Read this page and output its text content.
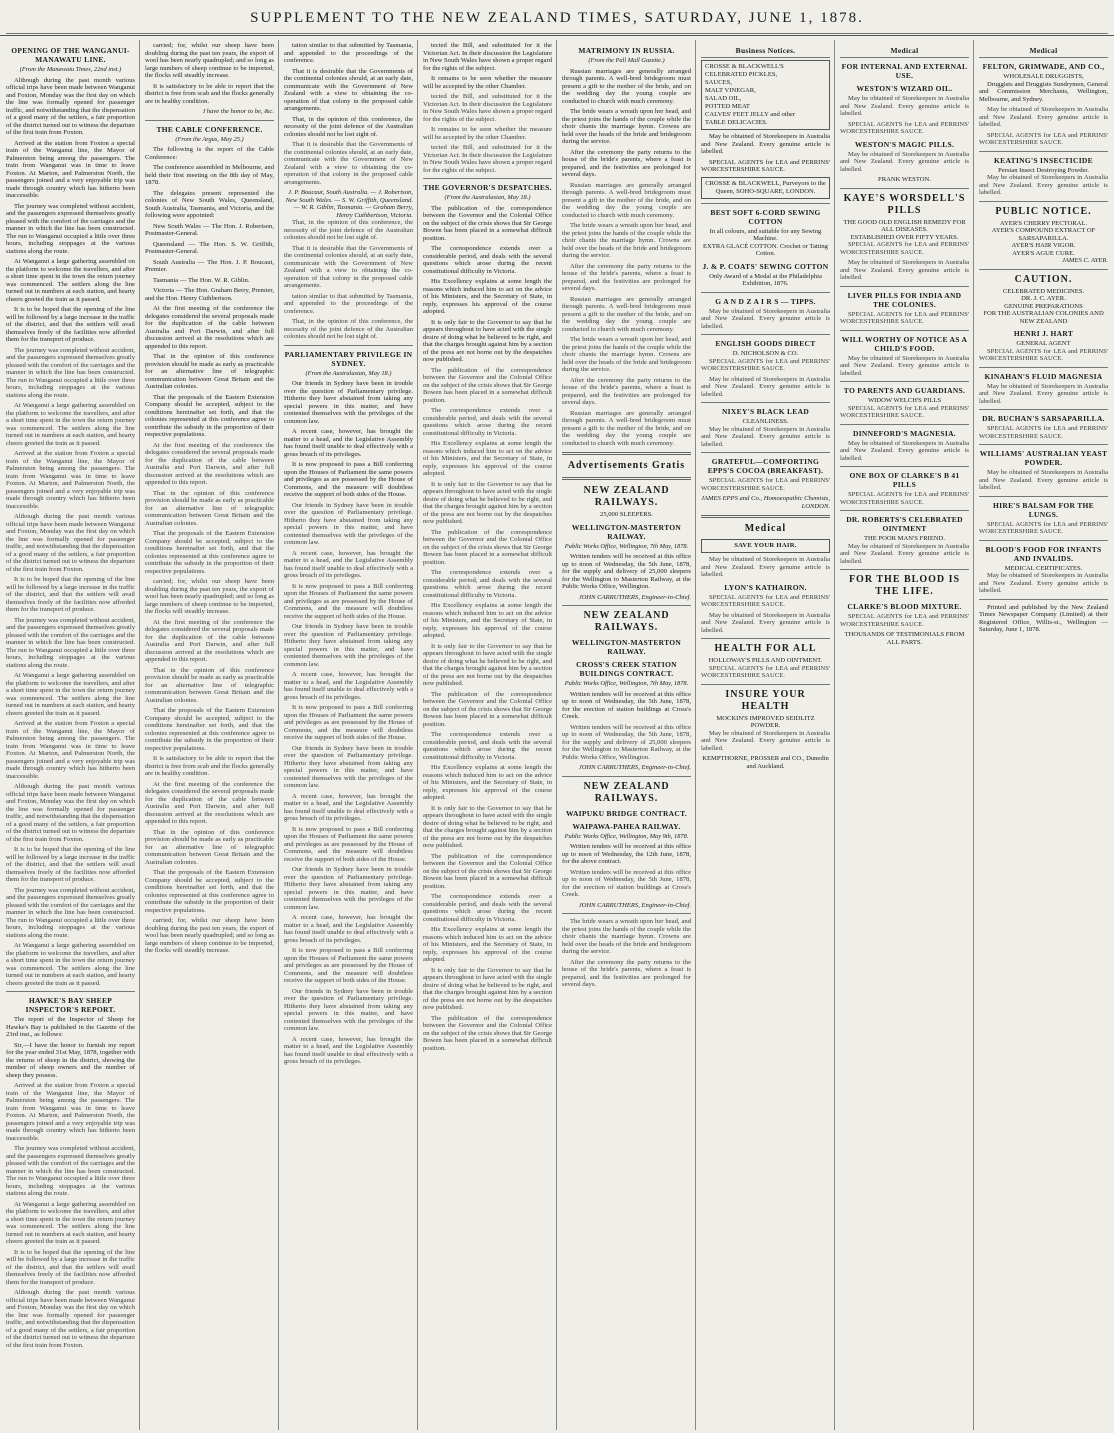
SUPPLEMENT TO THE NEW ZEALAND TIMES, SATURDAY, JUNE 1, 1878.
OPENING OF THE WANGANUI-MANAWATU LINE.
(From the Manawatu Times, 22nd inst.)

Although during the past month various official trips have been made between Wanganui and Foxton, Monday was the first day on which the line was formally opened for passenger traffic, and notwithstanding that the dispensation of a good many of the settlers, a fair proportion of the district turned out to witness the departure of the first train from Foxton.

Arrived at the station from Foxton a special train of the Wanganui line, the Mayor of Palmerston being among the passengers. The train from Wanganui was in time to leave Foxton. At Marton, and Palmerston North, the passengers joined and a very enjoyable trip was made through country which has hitherto been inaccessible.

The journey was completed without accident, and the passengers expressed themselves greatly pleased with the comfort of the carriages and the manner in which the line has been constructed. The run to Wanganui occupied a little over three hours, including stoppages at the various stations along the route.

At Wanganui a large gathering assembled on the platform to welcome the travellers, and after a short time spent in the town the return journey was commenced. The settlers along the line turned out in numbers at each station, and hearty cheers greeted the train as it passed.

It is to be hoped that the opening of the line will be followed by a large increase in the traffic of the district, and that the settlers will avail themselves freely of the facilities now afforded them for the transport of produce.

The journey was completed without accident, and the passengers expressed themselves greatly pleased with the comfort of the carriages and the manner in which the line has been constructed. The run to Wanganui occupied a little over three hours, including stoppages at the various stations along the route.

At Wanganui a large gathering assembled on the platform to welcome the travellers, and after a short time spent in the town the return journey was commenced. The settlers along the line turned out in numbers at each station, and hearty cheers greeted the train as it passed.

Arrived at the station from Foxton a special train of the Wanganui line, the Mayor of Palmerston being among the passengers. The train from Wanganui was in time to leave Foxton. At Marton, and Palmerston North, the passengers joined and a very enjoyable trip was made through country which has hitherto been inaccessible.

Although during the past month various official trips have been made between Wanganui and Foxton, Monday was the first day on which the line was formally opened for passenger traffic, and notwithstanding that the dispensation of a good many of the settlers, a fair proportion of the district turned out to witness the departure of the first train from Foxton.

It is to be hoped that the opening of the line will be followed by a large increase in the traffic of the district, and that the settlers will avail themselves freely of the facilities now afforded them for the transport of produce.

The journey was completed without accident, and the passengers expressed themselves greatly pleased with the comfort of the carriages and the manner in which the line has been constructed. The run to Wanganui occupied a little over three hours, including stoppages at the various stations along the route.

At Wanganui a large gathering assembled on the platform to welcome the travellers, and after a short time spent in the town the return journey was commenced. The settlers along the line turned out in numbers at each station, and hearty cheers greeted the train as it passed.

Arrived at the station from Foxton a special train of the Wanganui line, the Mayor of Palmerston being among the passengers. The train from Wanganui was in time to leave Foxton. At Marton, and Palmerston North, the passengers joined and a very enjoyable trip was made through country which has hitherto been inaccessible.

Although during the past month various official trips have been made between Wanganui and Foxton, Monday was the first day on which the line was formally opened for passenger traffic, and notwithstanding that the dispensation of a good many of the settlers, a fair proportion of the district turned out to witness the departure of the first train from Foxton.

It is to be hoped that the opening of the line will be followed by a large increase in the traffic of the district, and that the settlers will avail themselves freely of the facilities now afforded them for the transport of produce.

The journey was completed without accident, and the passengers expressed themselves greatly pleased with the comfort of the carriages and the manner in which the line has been constructed. The run to Wanganui occupied a little over three hours, including stoppages at the various stations along the route.

At Wanganui a large gathering assembled on the platform to welcome the travellers, and after a short time spent in the town the return journey was commenced. The settlers along the line turned out in numbers at each station, and hearty cheers greeted the train as it passed.

HAWKE'S BAY SHEEP INSPECTOR'S REPORT.

The report of the Inspector of Sheep for Hawke's Bay is published in the Gazette of the 23rd inst., as follows:

Sir,—I have the honor to furnish my report for the year ended 31st May, 1878, together with the returns of sheep in the district, showing the number of sheep owners and the number of sheep they possess.

Arrived at the station from Foxton a special train of the Wanganui line, the Mayor of Palmerston being among the passengers. The train from Wanganui was in time to leave Foxton. At Marton, and Palmerston North, the passengers joined and a very enjoyable trip was made through country which has hitherto been inaccessible.

The journey was completed without accident, and the passengers expressed themselves greatly pleased with the comfort of the carriages and the manner in which the line has been constructed. The run to Wanganui occupied a little over three hours, including stoppages at the various stations along the route.

At Wanganui a large gathering assembled on the platform to welcome the travellers, and after a short time spent in the town the return journey was commenced. The settlers along the line turned out in numbers at each station, and hearty cheers greeted the train as it passed.

It is to be hoped that the opening of the line will be followed by a large increase in the traffic of the district, and that the settlers will avail themselves freely of the facilities now afforded them for the transport of produce.

Although during the past month various official trips have been made between Wanganui and Foxton, Monday was the first day on which the line was formally opened for passenger traffic, and notwithstanding that the dispensation of a good many of the settlers, a fair proportion of the district turned out to witness the departure of the first train from Foxton.

carried; for, whilst our sheep have been doubling during the past ten years, the export of wool has been nearly quadrupled; and so long as large numbers of sheep continue to be imported, the flocks will steadily increase.

It is satisfactory to be able to report that the district is free from scab and the flocks generally are in healthy condition.

I have the honor to be, &c.
THE CABLE CONFERENCE.
(From the Argus, May 25.)

The following is the report of the Cable Conference:

The conference assembled in Melbourne, and held their first meeting on the 8th day of May, 1878.

The delegates present represented the colonies of New South Wales, Queensland, South Australia, Tasmania, and Victoria, and the following were appointed:

New South Wales — The Hon. J. Robertson, Postmaster-General.

Queensland — The Hon. S. W. Griffith, Postmaster-General.

South Australia — The Hon. J. P. Boucaut, Premier.

Tasmania — The Hon. W. R. Giblin.

Victoria — The Hon. Graham Berry, Premier, and the Hon. Henry Cuthbertson.

At the first meeting of the conference the delegates considered the several proposals made for the duplication of the cable between Australia and Port Darwin, and after full discussion arrived at the resolutions which are appended to this report.

That in the opinion of this conference provision should be made as early as practicable for an alternative line of telegraphic communication between Great Britain and the Australian colonies.

That the proposals of the Eastern Extension Company should be accepted, subject to the conditions hereinafter set forth, and that the colonies represented at this conference agree to contribute the subsidy in the proportion of their respective populations.

At the first meeting of the conference the delegates considered the several proposals made for the duplication of the cable between Australia and Port Darwin, and after full discussion arrived at the resolutions which are appended to this report.

That in the opinion of this conference provision should be made as early as practicable for an alternative line of telegraphic communication between Great Britain and the Australian colonies.

That the proposals of the Eastern Extension Company should be accepted, subject to the conditions hereinafter set forth, and that the colonies represented at this conference agree to contribute the subsidy in the proportion of their respective populations.

carried; for, whilst our sheep have been doubling during the past ten years, the export of wool has been nearly quadrupled; and so long as large numbers of sheep continue to be imported, the flocks will steadily increase.

At the first meeting of the conference the delegates considered the several proposals made for the duplication of the cable between Australia and Port Darwin, and after full discussion arrived at the resolutions which are appended to this report.

That in the opinion of this conference provision should be made as early as practicable for an alternative line of telegraphic communication between Great Britain and the Australian colonies.

That the proposals of the Eastern Extension Company should be accepted, subject to the conditions hereinafter set forth, and that the colonies represented at this conference agree to contribute the subsidy in the proportion of their respective populations.

It is satisfactory to be able to report that the district is free from scab and the flocks generally are in healthy condition.

At the first meeting of the conference the delegates considered the several proposals made for the duplication of the cable between Australia and Port Darwin, and after full discussion arrived at the resolutions which are appended to this report.

That in the opinion of this conference provision should be made as early as practicable for an alternative line of telegraphic communication between Great Britain and the Australian colonies.

That the proposals of the Eastern Extension Company should be accepted, subject to the conditions hereinafter set forth, and that the colonies represented at this conference agree to contribute the subsidy in the proportion of their respective populations.

carried; for, whilst our sheep have been doubling during the past ten years, the export of wool has been nearly quadrupled; and so long as large numbers of sheep continue to be imported, the flocks will steadily increase.

tation similar to that submitted by Tasmania, and appended to the proceedings of the conference.

That it is desirable that the Governments of the continental colonies should, at an early date, communicate with the Government of New Zealand with a view to obtaining the co-operation of that colony in the proposed cable arrangements.

That, in the opinion of this conference, the necessity of the joint defence of the Australian colonies should not be lost sight of.

That it is desirable that the Governments of the continental colonies should, at an early date, communicate with the Government of New Zealand with a view to obtaining the co-operation of that colony in the proposed cable arrangements.

J. P. Boucaut, South Australia. — J. Robertson, New South Wales. — S. W. Griffith, Queensland. — W. R. Giblin, Tasmania. — Graham Berry, Henry Cuthbertson, Victoria.

That, in the opinion of this conference, the necessity of the joint defence of the Australian colonies should not be lost sight of.

That it is desirable that the Governments of the continental colonies should, at an early date, communicate with the Government of New Zealand with a view to obtaining the co-operation of that colony in the proposed cable arrangements.

tation similar to that submitted by Tasmania, and appended to the proceedings of the conference.

That, in the opinion of this conference, the necessity of the joint defence of the Australian colonies should not be lost sight of.

PARLIAMENTARY PRIVILEGE IN SYDNEY.
(From the Australasian, May 18.)

Our friends in Sydney have been in trouble over the question of Parliamentary privilege. Hitherto they have abstained from taking any special powers in this matter, and have contented themselves with the privileges of the common law.

A recent case, however, has brought the matter to a head, and the Legislative Assembly has found itself unable to deal effectively with a gross breach of its privileges.

It is now proposed to pass a Bill conferring upon the Houses of Parliament the same powers and privileges as are possessed by the House of Commons, and the measure will doubtless receive the support of both sides of the House.

Our friends in Sydney have been in trouble over the question of Parliamentary privilege. Hitherto they have abstained from taking any special powers in this matter, and have contented themselves with the privileges of the common law.

A recent case, however, has brought the matter to a head, and the Legislative Assembly has found itself unable to deal effectively with a gross breach of its privileges.

It is now proposed to pass a Bill conferring upon the Houses of Parliament the same powers and privileges as are possessed by the House of Commons, and the measure will doubtless receive the support of both sides of the House.

Our friends in Sydney have been in trouble over the question of Parliamentary privilege. Hitherto they have abstained from taking any special powers in this matter, and have contented themselves with the privileges of the common law.

A recent case, however, has brought the matter to a head, and the Legislative Assembly has found itself unable to deal effectively with a gross breach of its privileges.

It is now proposed to pass a Bill conferring upon the Houses of Parliament the same powers and privileges as are possessed by the House of Commons, and the measure will doubtless receive the support of both sides of the House.

Our friends in Sydney have been in trouble over the question of Parliamentary privilege. Hitherto they have abstained from taking any special powers in this matter, and have contented themselves with the privileges of the common law.

A recent case, however, has brought the matter to a head, and the Legislative Assembly has found itself unable to deal effectively with a gross breach of its privileges.

It is now proposed to pass a Bill conferring upon the Houses of Parliament the same powers and privileges as are possessed by the House of Commons, and the measure will doubtless receive the support of both sides of the House.

Our friends in Sydney have been in trouble over the question of Parliamentary privilege. Hitherto they have abstained from taking any special powers in this matter, and have contented themselves with the privileges of the common law.

A recent case, however, has brought the matter to a head, and the Legislative Assembly has found itself unable to deal effectively with a gross breach of its privileges.

It is now proposed to pass a Bill conferring upon the Houses of Parliament the same powers and privileges as are possessed by the House of Commons, and the measure will doubtless receive the support of both sides of the House.

Our friends in Sydney have been in trouble over the question of Parliamentary privilege. Hitherto they have abstained from taking any special powers in this matter, and have contented themselves with the privileges of the common law.

A recent case, however, has brought the matter to a head, and the Legislative Assembly has found itself unable to deal effectively with a gross breach of its privileges.

tected the Bill, and substituted for it the Victorian Act. In their discussion the Legislature in New South Wales have shown a proper regard for the rights of the subject.

It remains to be seen whether the measure will be accepted by the other Chamber.

tected the Bill, and substituted for it the Victorian Act. In their discussion the Legislature in New South Wales have shown a proper regard for the rights of the subject.

It remains to be seen whether the measure will be accepted by the other Chamber.

tected the Bill, and substituted for it the Victorian Act. In their discussion the Legislature in New South Wales have shown a proper regard for the rights of the subject.

THE GOVERNOR'S DESPATCHES.
(From the Australasian, May 18.)

The publication of the correspondence between the Governor and the Colonial Office on the subject of the crisis shows that Sir George Bowen has been placed in a somewhat difficult position.

The correspondence extends over a considerable period, and deals with the several questions which arose during the recent constitutional difficulty in Victoria.

His Excellency explains at some length the reasons which induced him to act on the advice of his Ministers, and the Secretary of State, in reply, expresses his approval of the course adopted.

It is only fair to the Governor to say that he appears throughout to have acted with the single desire of doing what he believed to be right, and that the charges brought against him by a section of the press are not borne out by the despatches now published.

The publication of the correspondence between the Governor and the Colonial Office on the subject of the crisis shows that Sir George Bowen has been placed in a somewhat difficult position.

The correspondence extends over a considerable period, and deals with the several questions which arose during the recent constitutional difficulty in Victoria.

His Excellency explains at some length the reasons which induced him to act on the advice of his Ministers, and the Secretary of State, in reply, expresses his approval of the course adopted.

It is only fair to the Governor to say that he appears throughout to have acted with the single desire of doing what he believed to be right, and that the charges brought against him by a section of the press are not borne out by the despatches now published.

The publication of the correspondence between the Governor and the Colonial Office on the subject of the crisis shows that Sir George Bowen has been placed in a somewhat difficult position.

The correspondence extends over a considerable period, and deals with the several questions which arose during the recent constitutional difficulty in Victoria.

His Excellency explains at some length the reasons which induced him to act on the advice of his Ministers, and the Secretary of State, in reply, expresses his approval of the course adopted.

It is only fair to the Governor to say that he appears throughout to have acted with the single desire of doing what he believed to be right, and that the charges brought against him by a section of the press are not borne out by the despatches now published.

The publication of the correspondence between the Governor and the Colonial Office on the subject of the crisis shows that Sir George Bowen has been placed in a somewhat difficult position.

The correspondence extends over a considerable period, and deals with the several questions which arose during the recent constitutional difficulty in Victoria.

His Excellency explains at some length the reasons which induced him to act on the advice of his Ministers, and the Secretary of State, in reply, expresses his approval of the course adopted.

It is only fair to the Governor to say that he appears throughout to have acted with the single desire of doing what he believed to be right, and that the charges brought against him by a section of the press are not borne out by the despatches now published.

The publication of the correspondence between the Governor and the Colonial Office on the subject of the crisis shows that Sir George Bowen has been placed in a somewhat difficult position.

The correspondence extends over a considerable period, and deals with the several questions which arose during the recent constitutional difficulty in Victoria.

His Excellency explains at some length the reasons which induced him to act on the advice of his Ministers, and the Secretary of State, in reply, expresses his approval of the course adopted.

It is only fair to the Governor to say that he appears throughout to have acted with the single desire of doing what he believed to be right, and that the charges brought against him by a section of the press are not borne out by the despatches now published.

The publication of the correspondence between the Governor and the Colonial Office on the subject of the crisis shows that Sir George Bowen has been placed in a somewhat difficult position.

MATRIMONY IN RUSSIA.
(From the Pall Mall Gazette.)

Russian marriages are generally arranged through parents. A well-bred bridegroom must present a gift to the mother of the bride, and on the wedding day the young couple are conducted to church with much ceremony.

The bride wears a wreath upon her head, and the priest joins the hands of the couple while the choir chants the marriage hymn. Crowns are held over the heads of the bride and bridegroom during the service.

After the ceremony the party returns to the house of the bride's parents, where a feast is prepared, and the festivities are prolonged for several days.

Russian marriages are generally arranged through parents. A well-bred bridegroom must present a gift to the mother of the bride, and on the wedding day the young couple are conducted to church with much ceremony.

The bride wears a wreath upon her head, and the priest joins the hands of the couple while the choir chants the marriage hymn. Crowns are held over the heads of the bride and bridegroom during the service.

After the ceremony the party returns to the house of the bride's parents, where a feast is prepared, and the festivities are prolonged for several days.

Russian marriages are generally arranged through parents. A well-bred bridegroom must present a gift to the mother of the bride, and on the wedding day the young couple are conducted to church with much ceremony.

The bride wears a wreath upon her head, and the priest joins the hands of the couple while the choir chants the marriage hymn. Crowns are held over the heads of the bride and bridegroom during the service.

After the ceremony the party returns to the house of the bride's parents, where a feast is prepared, and the festivities are prolonged for several days.

Russian marriages are generally arranged through parents. A well-bred bridegroom must present a gift to the mother of the bride, and on the wedding day the young couple are conducted to church with much ceremony.

Advertisements Gratis
NEW ZEALAND RAILWAYS.
25,000 SLEEPERS.
WELLINGTON-MASTERTON RAILWAY.
Public Works Office, Wellington, 7th May, 1878.

Written tenders will be received at this office up to noon of Wednesday, the 5th June, 1878, for the supply and delivery of 25,000 sleepers for the Wellington to Masterton Railway, at the Public Works Office, Wellington.

JOHN CARRUTHERS, Engineer-in-Chief.
NEW ZEALAND RAILWAYS.
WELLINGTON-MASTERTON RAILWAY.
CROSS'S CREEK STATION BUILDINGS CONTRACT.
Public Works Office, Wellington, 7th May, 1878.

Written tenders will be received at this office up to noon of Wednesday, the 5th June, 1878, for the erection of station buildings at Cross's Creek.

Written tenders will be received at this office up to noon of Wednesday, the 5th June, 1878, for the supply and delivery of 25,000 sleepers for the Wellington to Masterton Railway, at the Public Works Office, Wellington.

JOHN CARRUTHERS, Engineer-in-Chief.
NEW ZEALAND RAILWAYS.
WAIPUKU BRIDGE CONTRACT.
WAIPAWA-PAHEA RAILWAY.
Public Works Office, Wellington, May 9th, 1878.

Written tenders will be received at this office up to noon of Wednesday, the 12th June, 1878, for the above contract.

Written tenders will be received at this office up to noon of Wednesday, the 5th June, 1878, for the erection of station buildings at Cross's Creek.

JOHN CARRUTHERS, Engineer-in-Chief.

The bride wears a wreath upon her head, and the priest joins the hands of the couple while the choir chants the marriage hymn. Crowns are held over the heads of the bride and bridegroom during the service.

After the ceremony the party returns to the house of the bride's parents, where a feast is prepared, and the festivities are prolonged for several days.

Business Notices.
CROSSE & BLACKWELL'S
CELEBRATED PICKLES,
SAUCES,
MALT VINEGAR,
SALAD OIL,
POTTED MEAT
CALVES' FEET JELLY and other
TABLE DELICACIES.

May be obtained of Storekeepers in Australia and New Zealand. Every genuine article is labelled.

SPECIAL AGENTS for LEA and PERRINS' WORCESTERSHIRE SAUCE.

CROSSE & BLACKWELL, Purveyors to the Queen, SOHO-SQUARE, LONDON.
BEST SOFT 6-CORD SEWING COTTON
In all colours, and suitable for any Sewing Machine.
EXTRA GLACÉ COTTON. Crochet or Tatting Cotton.
J. & P. COATS' SEWING COTTON
Only Award of a Medal at the Philadelphia Exhibition, 1876.
G A N D Z A I R S — TIPPS.

May be obtained of Storekeepers in Australia and New Zealand. Every genuine article is labelled.

ENGLISH GOODS DIRECT
D. NICHOLSON & CO.

SPECIAL AGENTS for LEA and PERRINS' WORCESTERSHIRE SAUCE.

May be obtained of Storekeepers in Australia and New Zealand. Every genuine article is labelled.

NIXEY'S BLACK LEAD
CLEANLINESS.

May be obtained of Storekeepers in Australia and New Zealand. Every genuine article is labelled.

GRATEFUL—COMFORTING EPPS'S COCOA (BREAKFAST).

SPECIAL AGENTS for LEA and PERRINS' WORCESTERSHIRE SAUCE.

JAMES EPPS and Co., Homoeopathic Chemists, LONDON.
Medical
SAVE YOUR HAIR.

May be obtained of Storekeepers in Australia and New Zealand. Every genuine article is labelled.

LYON'S KATHAIRON.

SPECIAL AGENTS for LEA and PERRINS' WORCESTERSHIRE SAUCE.

May be obtained of Storekeepers in Australia and New Zealand. Every genuine article is labelled.

HEALTH FOR ALL
HOLLOWAY'S PILLS AND OINTMENT.

SPECIAL AGENTS for LEA and PERRINS' WORCESTERSHIRE SAUCE.

INSURE YOUR HEALTH
MOCKIN'S IMPROVED SEIDLITZ POWDER.

May be obtained of Storekeepers in Australia and New Zealand. Every genuine article is labelled.

KEMPTHORNE, PROSSER and CO., Dunedin and Auckland.
Medical
FOR INTERNAL AND EXTERNAL USE.
WESTON'S WIZARD OIL.

May be obtained of Storekeepers in Australia and New Zealand. Every genuine article is labelled.

SPECIAL AGENTS for LEA and PERRINS' WORCESTERSHIRE SAUCE.

WESTON'S MAGIC PILLS.

May be obtained of Storekeepers in Australia and New Zealand. Every genuine article is labelled.

FRANK WESTON.
KAYE'S WORSDELL'S PILLS
THE GOOD OLD ENGLISH REMEDY FOR ALL DISEASES.
ESTABLISHED OVER FIFTY YEARS.

SPECIAL AGENTS for LEA and PERRINS' WORCESTERSHIRE SAUCE.

May be obtained of Storekeepers in Australia and New Zealand. Every genuine article is labelled.

LIVER PILLS FOR INDIA AND THE COLONIES.

SPECIAL AGENTS for LEA and PERRINS' WORCESTERSHIRE SAUCE.

WILL WORTHY OF NOTICE AS A CHILD'S FOOD.

May be obtained of Storekeepers in Australia and New Zealand. Every genuine article is labelled.

TO PARENTS AND GUARDIANS.
WIDOW WELCH'S PILLS

SPECIAL AGENTS for LEA and PERRINS' WORCESTERSHIRE SAUCE.

DINNEFORD'S MAGNESIA.

May be obtained of Storekeepers in Australia and New Zealand. Every genuine article is labelled.

ONE BOX OF CLARKE'S B 41 PILLS

SPECIAL AGENTS for LEA and PERRINS' WORCESTERSHIRE SAUCE.

DR. ROBERTS'S CELEBRATED OINTMENT
THE POOR MAN'S FRIEND.

May be obtained of Storekeepers in Australia and New Zealand. Every genuine article is labelled.

FOR THE BLOOD IS THE LIFE.
CLARKE'S BLOOD MIXTURE.

SPECIAL AGENTS for LEA and PERRINS' WORCESTERSHIRE SAUCE.

THOUSANDS OF TESTIMONIALS FROM ALL PARTS.
Medical
FELTON, GRIMWADE, AND CO.,
WHOLESALE DRUGGISTS,

Druggists and Druggists Sundrymen, General and Commission Merchants, Wellington, Melbourne, and Sydney.

May be obtained of Storekeepers in Australia and New Zealand. Every genuine article is labelled.

SPECIAL AGENTS for LEA and PERRINS' WORCESTERSHIRE SAUCE.

KEATING'S INSECTICIDE
Persian Insect Destroying Powder.

May be obtained of Storekeepers in Australia and New Zealand. Every genuine article is labelled.

PUBLIC NOTICE.
AYER'S CHERRY PECTORAL.
AYER'S COMPOUND EXTRACT OF SARSAPARILLA.
AYER'S HAIR VIGOR.
AYER'S AGUE CURE.
JAMES C. AYER.
CAUTION.
CELEBRATED MEDICINES.
DR. J. C. AYER.
GENUINE PREPARATIONS
FOR THE AUSTRALIAN COLONIES AND NEW ZEALAND
HENRI J. HART
GENERAL AGENT

SPECIAL AGENTS for LEA and PERRINS' WORCESTERSHIRE SAUCE.

KINAHAN'S FLUID MAGNESIA

May be obtained of Storekeepers in Australia and New Zealand. Every genuine article is labelled.

DR. BUCHAN'S SARSAPARILLA.

SPECIAL AGENTS for LEA and PERRINS' WORCESTERSHIRE SAUCE.

WILLIAMS' AUSTRALIAN YEAST POWDER.

May be obtained of Storekeepers in Australia and New Zealand. Every genuine article is labelled.

HIRE'S BALSAM FOR THE LUNGS.

SPECIAL AGENTS for LEA and PERRINS' WORCESTERSHIRE SAUCE.

BLOOD'S FOOD FOR INFANTS AND INVALIDS.
MEDICAL CERTIFICATES.

May be obtained of Storekeepers in Australia and New Zealand. Every genuine article is labelled.

Printed and published by the New Zealand Times Newspaper Company (Limited) at their Registered Office, Willis-st., Wellington — Saturday, June 1, 1878.
